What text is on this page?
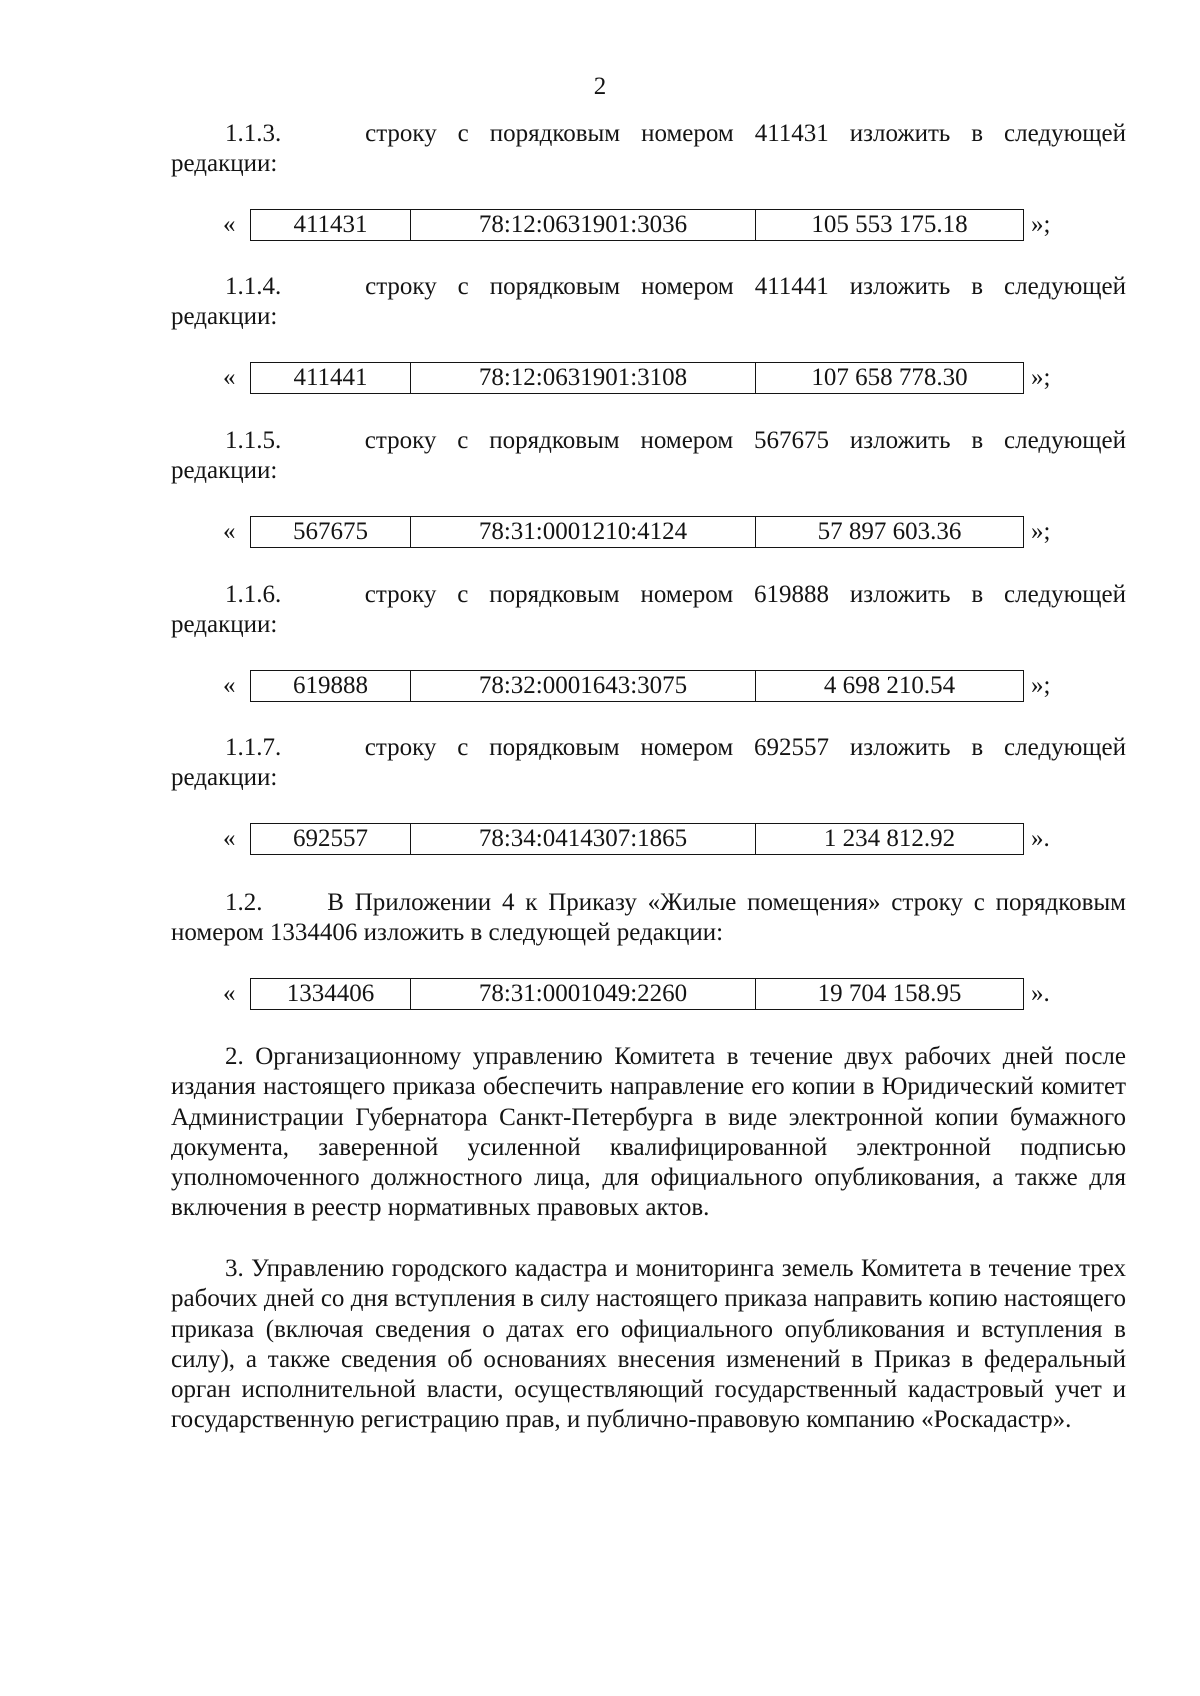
2
1.1.3.	строку с порядковым номером 411431 изложить в следующей
редакции:
«	411431	78:12:0631901:3036	105 553 175.18	»;
1.1.4.	строку с порядковым номером 411441 изложить в следующей
редакции:
«	411441	78:12:0631901:3108	107 658 778.30	»;
1.1.5.	строку с порядковым номером 567675 изложить в следующей
редакции:
«	567675	78:31:0001210:4124	57 897 603.36	»;
1.1.6.	строку с порядковым номером 619888 изложить в следующей
редакции:
«	619888	78:32:0001643:3075	4 698 210.54	»;
1.1.7.	строку с порядковым номером 692557 изложить в следующей
редакции:
«	692557	78:34:0414307:1865	1 234 812.92	».
1.2.	В Приложении 4 к Приказу «Жилые помещения» строку с порядковым
номером 1334406 изложить в следующей редакции:
«	1334406	78:31:0001049:2260	19 704 158.95	».
2. Организационному управлению Комитета в течение двух рабочих дней после издания настоящего приказа обеспечить направление его копии в Юридический комитет Администрации Губернатора Санкт-Петербурга в виде электронной копии бумажного документа, заверенной усиленной квалифицированной электронной подписью уполномоченного должностного лица, для официального опубликования, а также для включения в реестр нормативных правовых актов.
3. Управлению городского кадастра и мониторинга земель Комитета в течение трех рабочих дней со дня вступления в силу настоящего приказа направить копию настоящего приказа (включая сведения о датах его официального опубликования и вступления в силу), а также сведения об основаниях внесения изменений в Приказ в федеральный орган исполнительной власти, осуществляющий государственный кадастровый учет и государственную регистрацию прав, и публично-правовую компанию «Роскадастр».
